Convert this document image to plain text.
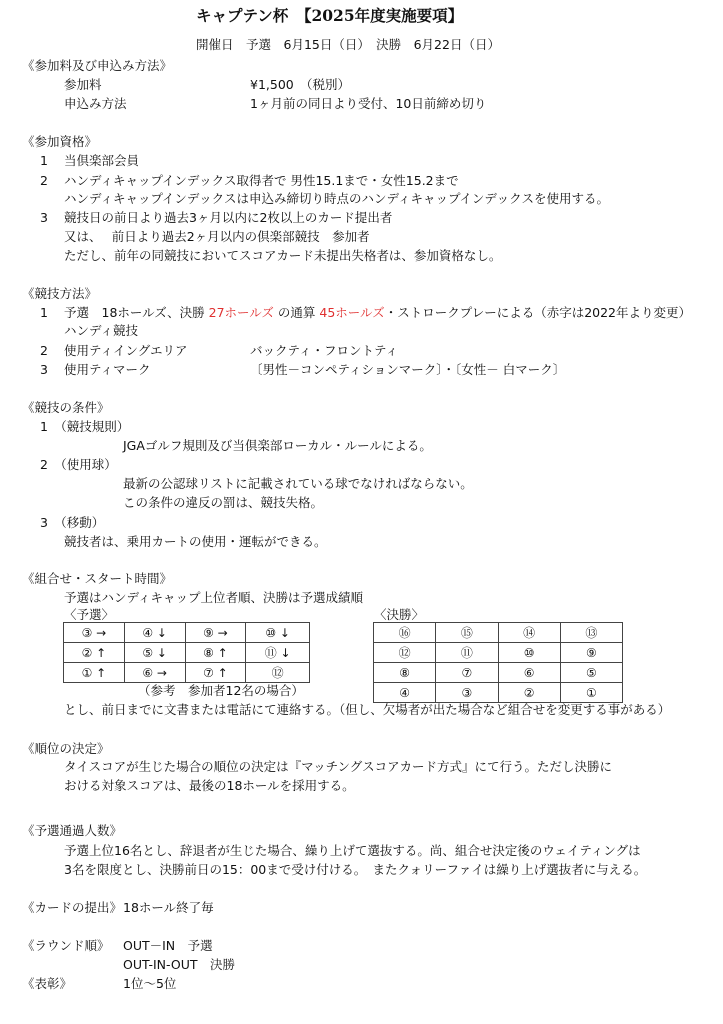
キャプテン杯　【2025年度実施要項】
開催日　予選　6月15日（日）　決勝　6月22日（日）
《参加料及び申込み方法》
参加料	¥1,500　（税別）
申込み方法	1ヶ月前の同日より受付、10日前締め切り
《参加資格》
1 当倶楽部会員
2 ハンディキャップインデックス取得者で 男性15.1まで・女性15.2まで
ハンディキャップインデックスは申込み締切り時点のハンディキャップインデックスを使用する。
3 競技日の前日より過去3ヶ月以内に2枚以上のカード提出者
又は、　 前日より過去2ヶ月以内の倶楽部競技　参加者
ただし、前年の同競技においてスコアカード未提出失格者は、参加資格なし。
《競技方法》
1 予選　18ホールズ、決勝 27ホールズ の通算 45ホールズ・ストロークプレーによる（赤字は2022年より変更）
ハンディ競技
2 使用ティイングエリア	バックティ・フロントティ
3 使用ティマーク	〔男性－コンペティションマーク〕・〔女性－ 白マーク〕
《競技の条件》
1　（競技規則）
JGAゴルフ規則及び当倶楽部ローカル・ルールによる。
2　（使用球）
最新の公認球リストに記載されている球でなければならない。
この条件の違反の罰は、競技失格。
3　（移動）
競技者は、乗用カートの使用・運転ができる。
《組合せ・スタート時間》
予選はハンディキャップ上位者順、決勝は予選成績順
〈予選〉	〈決勝〉
③ →	④ ↓	⑨ →	⑩ ↓
② ↑	⑤ ↓	⑧ ↑	⑪ ↓
① ↑	⑥ →	⑦ ↑	⑫
⑯	⑮	⑭	⑬
⑫	⑪	⑩	⑨
⑧	⑦	⑥	⑤
④	③	②	①
（参考　参加者12名の場合）
とし、前日までに文書または電話にて連絡する。（但し、欠場者が出た場合など組合せを変更する事がある）
《順位の決定》
タイスコアが生じた場合の順位の決定は『マッチングスコアカード方式』にて行う。ただし決勝に
おける対象スコアは、最後の18ホールを採用する。
《予選通過人数》
予選上位16名とし、辞退者が生じた場合、繰り上げて選抜する。尚、組合せ決定後のウェイティングは
3名を限度とし、決勝前日の15：00まで受け付ける。　またクォリーファイは繰り上げ選抜者に与える。
《カードの提出》 18ホール終了毎
《ラウンド順》 OUT－IN　予選
OUT-IN-OUT　決勝
《表彰》	1位～5位
